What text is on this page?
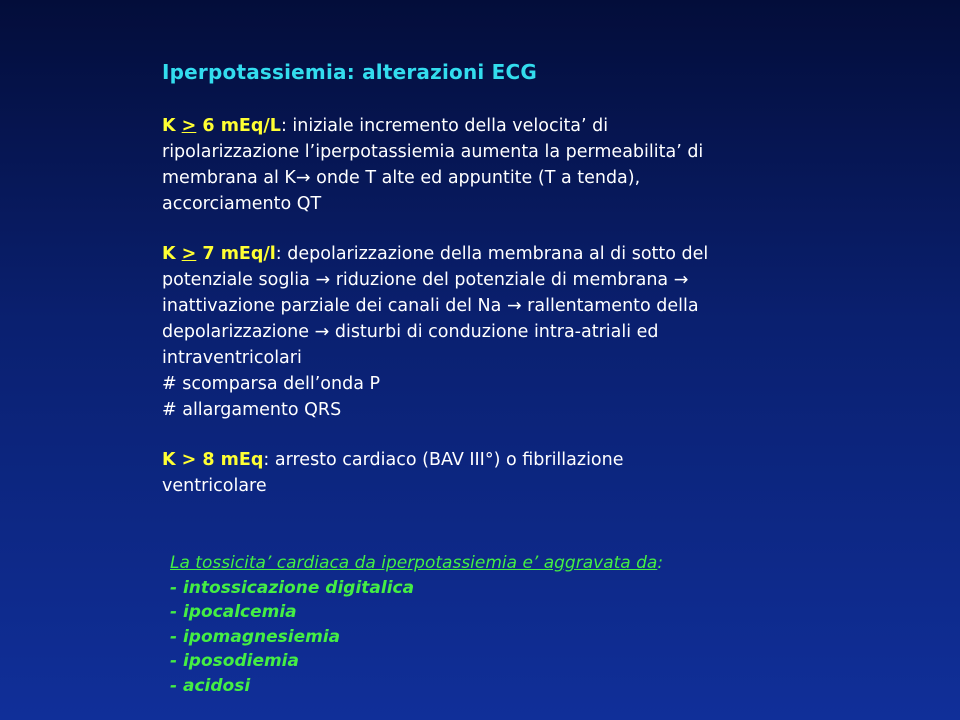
Iperpotassiemia: alterazioni ECG
K > 6 mEq/L: iniziale incremento della velocita’ di
ripolarizzazione l’iperpotassiemia aumenta la permeabilita’ di
membrana al K→ onde T alte ed appuntite (T a tenda),
accorciamento QT
K > 7 mEq/l: depolarizzazione della membrana al di sotto del
potenziale soglia → riduzione del potenziale di membrana →
inattivazione parziale dei canali del Na → rallentamento della
depolarizzazione → disturbi di conduzione intra-atriali ed
intraventricolari
# scomparsa dell’onda P
# allargamento QRS
K > 8 mEq: arresto cardiaco (BAV III°) o fibrillazione
ventricolare
La tossicita’ cardiaca da iperpotassiemia e’ aggravata da:
- intossicazione digitalica
- ipocalcemia
- ipomagnesiemia
- iposodiemia
- acidosi
